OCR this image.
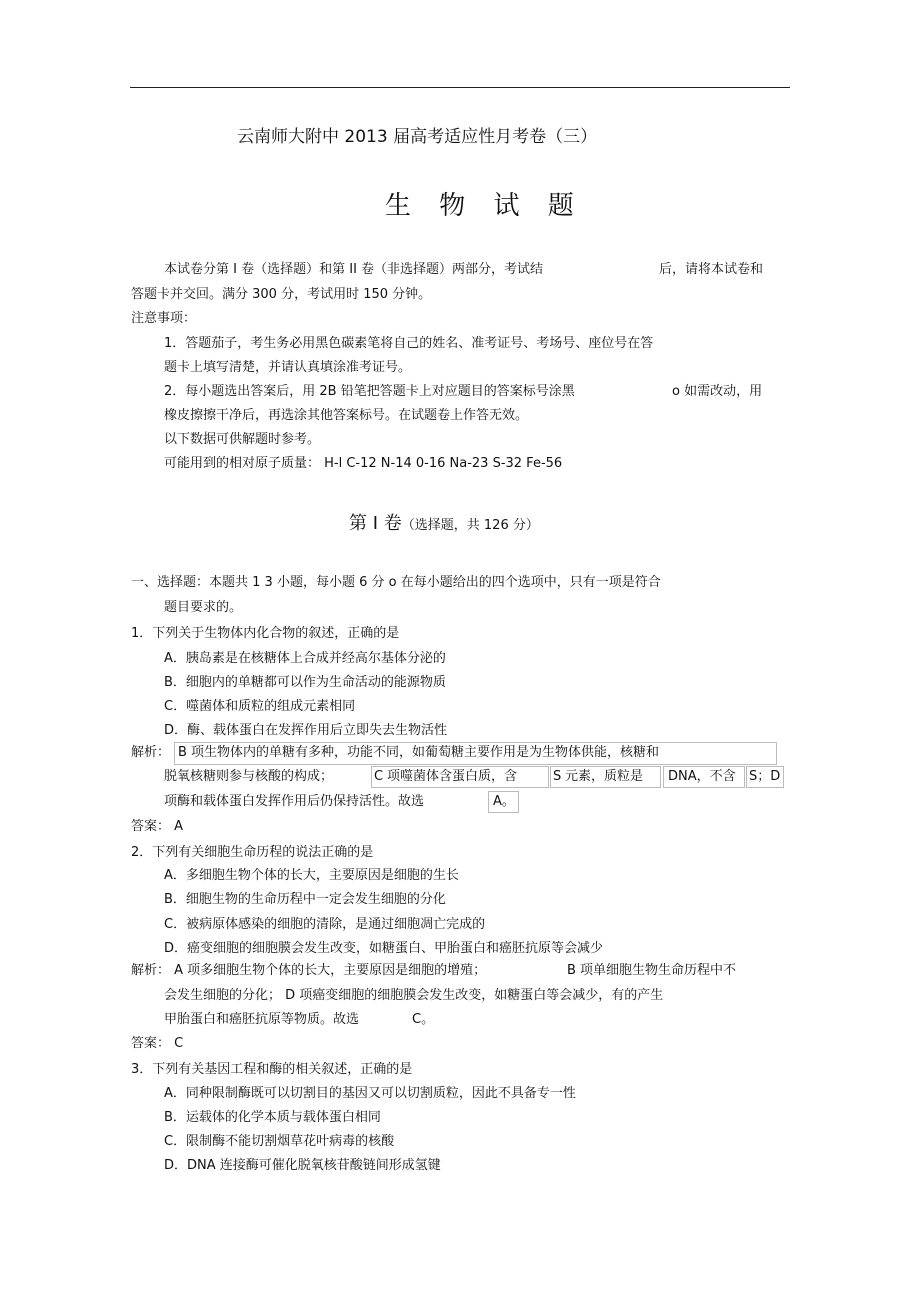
云南师大附中 2013 届高考适应性月考卷（三）
生 物 试 题
本试卷分第 I 卷（选择题）和第 II 卷（非选择题）两部分，考试结	后，请将本试卷和
答题卡并交回。满分 300 分，考试用时 150 分钟。
注意事项：
1．答题茄子，考生务必用黑色碳素笔将自己的姓名、准考证号、考场号、座位号在答
题卡上填写清楚，并请认真填涂准考证号。
2．每小题选出答案后，用 2B 铅笔把答题卡上对应题目的答案标号涂黑	o 如需改动，用
橡皮擦擦干净后，再选涂其他答案标号。在试题卷上作答无效。
以下数据可供解题时参考。
可能用到的相对原子质量： H-l C-12 N-14 0-16 Na-23 S-32 Fe-56
第 I 卷（选择题，共 126 分）
一、选择题：本题共 1 3 小题，每小题 6 分 o 在每小题给出的四个选项中，只有一项是符合
题目要求的。
1．下列关于生物体内化合物的叙述，正确的是
A．胰岛素是在核糖体上合成并经高尔基体分泌的
B．细胞内的单糖都可以作为生命活动的能源物质
C．噬菌体和质粒的组成元素相同
D．酶、载体蛋白在发挥作用后立即失去生物活性
解析： B 项生物体内的单糖有多种，功能不同，如葡萄糖主要作用是为生物体供能，核糖和
脱氧核糖则参与核酸的构成；	C 项噬菌体含蛋白质，含	S 元素，质粒是 DNA，不含 S；D
项酶和载体蛋白发挥作用后仍保持活性。故选	A。
答案： A
2．下列有关细胞生命历程的说法正确的是
A．多细胞生物个体的长大，主要原因是细胞的生长
B．细胞生物的生命历程中一定会发生细胞的分化
C．被病原体感染的细胞的清除，是通过细胞凋亡完成的
D．癌变细胞的细胞膜会发生改变，如糖蛋白、甲胎蛋白和癌胚抗原等会减少
解析： A 项多细胞生物个体的长大，主要原因是细胞的增殖；	B 项单细胞生物生命历程中不
会发生细胞的分化； D 项癌变细胞的细胞膜会发生改变，如糖蛋白等会减少，有的产生
甲胎蛋白和癌胚抗原等物质。故选	C。
答案： C
3．下列有关基因工程和酶的相关叙述，正确的是
A．同种限制酶既可以切割目的基因又可以切割质粒，因此不具备专一性
B．运载体的化学本质与载体蛋白相同
C．限制酶不能切割烟草花叶病毒的核酸
D．DNA 连接酶可催化脱氧核苷酸链间形成氢键
